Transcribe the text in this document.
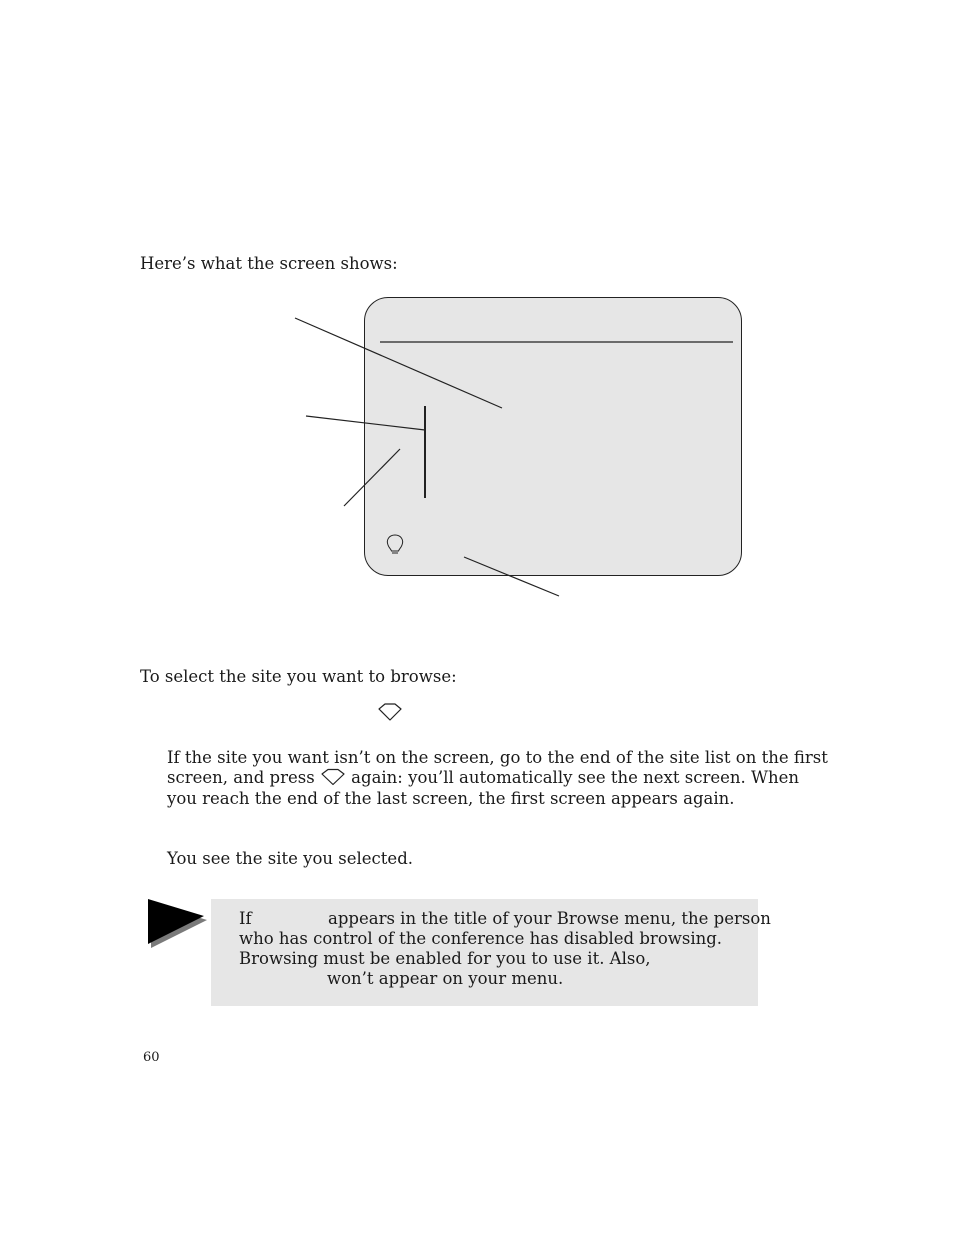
Here’s what the screen shows:
To select the site you want to browse:
If the site you want isn’t on the screen, go to the end of the site list on the first
screen, and press again: you’ll automatically see the next screen. When
you reach the end of the last screen, the first screen appears again.
You see the site you selected.
If	appears in the title of your Browse menu, the person
who has control of the conference has disabled browsing.
Browsing must be enabled for you to use it. Also,
won’t appear on your menu.
60
